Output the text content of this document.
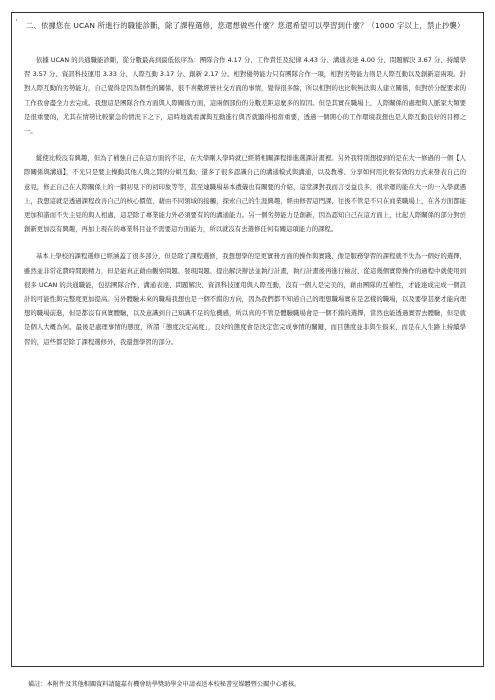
· 二、依據您在 UCAN 所進行的職能診斷，除了課程選修，您還想做些什麼？您還希望可以學習到什麼？（1000 字以上，禁止抄襲）

依據 UCAN 的共通職能診斷，從分數最高到最低依序為：團隊合作 4.17 分、工作責任及紀律 4.43 分、溝通表達 4.00 分、問題解決 3.67 分、持續學習 3.57 分、資訊科技運用 3.33 分、人際互動 3.17 分、創新 2.17 分。相對優勢能力只有團隊合作一項，相對劣勢能力則是人際互動以及創新這兩項。針對人際互動的劣勢能力，自己覺得是因為個性的關係，很不喜歡經營社交方面的事情，覺得很多餘，所以相對的也比較無法與人建立關係，但對於分配要求的工作我會盡全力去完成。我想這是團隊合作方面與人際關係方面，這兩個部份的分數差距這麼多的原因。但是其實在職場上，人際關係的處理與人脈家大類要是很重要的，尤其在情勢比較緊急的情況下之下，這時地就看溝與互動進行與否就顯得相當重要，透過一個開心的工作環境我想也是人際互動良好的目標之一。

縱使比較沒有興趣，但為了補強自己在這方面的不足，在大學剛人學時就已經將相關課程排進選課計畫裡。另外我特別想提到的是在大一修過的一個【人際關係與溝通】，不光只是要主操動其他人與之間的分組互動，還多了很多認識自己的溝通模式與溝通，以及教導、分享如何用比較有效的方式來發表自己的意見，修正自己在人際關係上的一網初見下的初印象等等，甚至連職場基本禮儀也有關要的介紹，這堂課對我而言受益良多，很幸運的能在大一的一入學就遇上，我想這就是透過課程改善自己的核心價值，藉由不同領域的接觸，探索自己的生涯興趣，經由修習這門課，往後不管是不只在商業職場上，在各方面都能更加和諧而不失主見的與人相處，這是除了專業能力外必須要有的的溝通能力。另一個劣勢能力是創新，因為認知自己在這方面上，比起人際關係的部分對於創新更加沒有興趣，再加上現在的專業科目並不需要這方面能力，所以就沒有去選修任何有關這項能力的課程。

基本上學校的課程選修已經涵蓋了很多部分，但是除了課程選修，我想想學的是更實務方面的操作與實踐，像是服務學習的課程就不失為一個好的選擇，雖然並非常花費時間跟精力，但是能真正藉由觀察問題、發現問題、提出解決辦法並執行計畫，執行計畫後再進行檢討，從這幾個實際操作的過程中就使用到很多 UCAN 的共通職能，包括團隊合作、溝通表達、問題解決、資訊科技運用與人際互動，沒有一個人是完美的，藉由團隊的互補性，才能達成完成一個設計的可能性與完整度更加提高。另外體驗未來的職場我想也是一個不錯的方向，因為我們都不知道自己的理想職場實在是怎樣的職場，以及要學甚麼才能向理想的職場前進，但是都沒有真實體驗，以及意識到自己知識不足的危機感，所以真的不管是體驗職場會是一個不錯的選擇，當然也能透過實習去體驗，但是就是個人大概為何。最後是處理事情的態度，所謂「態度決定高度」，良好的態度會是決定您完成事情的關鍵，而目態度並非與生俱來，而是在人生路上持續學習的，這些都是除了課程選修外，我還想學習的部分。

備註：本附件及其他相關資料請隨嘉有機會助學獎助學金申請表送本校秘書室媒體暨公關中心審核。
